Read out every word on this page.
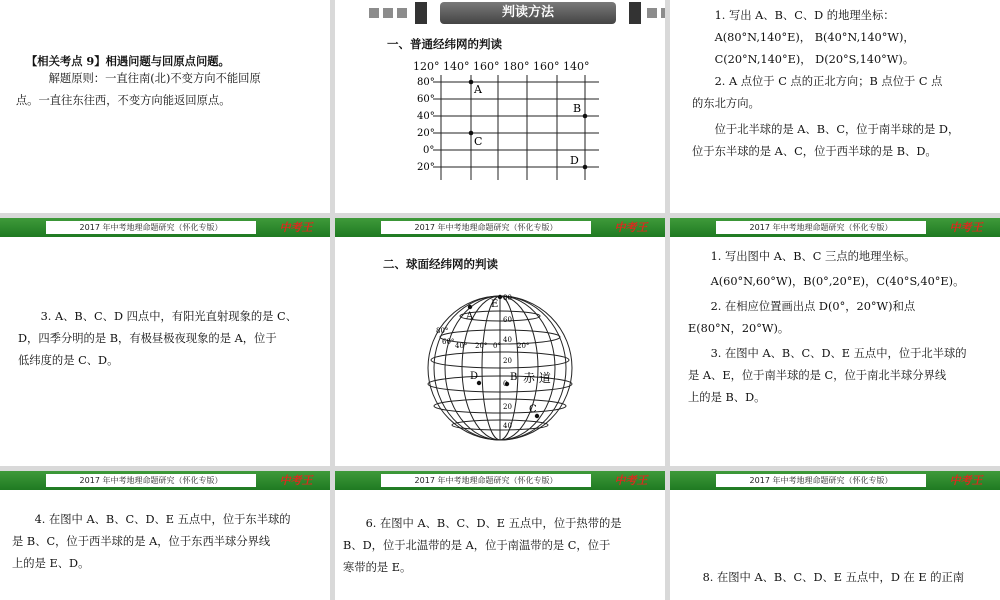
【相关考点 9】相遇问题与回原点问题。

解题原则：一直往南(北)不变方向不能回原

点。一直往东往西，不变方向能返回原点。

判读方法
一、普通经纬网的判读
120° 140° 160° 180° 160° 140°
80°
60°
40°
20°
0°
20°
A
B
C
D

1. 写出 A、B、C、D 的地理坐标：

A(80°N,140°E)， B(40°N,140°W)，

C(20°N,140°E)， D(20°S,140°W)。

2. A 点位于 C 点的正北方向；B 点位于 C 点

的东北方向。

位于北半球的是 A、B、C，位于南半球的是 D，

位于东半球的是 A、C，位于西半球的是 B、D。

2017 年中考地理命题研究（怀化专版）	中考王

3. A、B、C、D 四点中，有阳光直射现象的是 C、

D，四季分明的是 B，有极昼极夜现象的是 A，位于

低纬度的是 C、D。

2017 年中考地理命题研究（怀化专版）	中考王
二、球面经纬网的判读
A
E
D	B
C
赤 道
80
60
40
20
0
20
40
80°
60° 40° 20° 0° 20°
2017 年中考地理命题研究（怀化专版）	中考王

1. 写出图中 A、B、C 三点的地理坐标。

A(60°N,60°W)，B(0°,20°E)，C(40°S,40°E)。

2. 在相应位置画出点 D(0°，20°W)和点

E(80°N，20°W)。

3. 在图中 A、B、C、D、E 五点中，位于北半球的

是 A、E，位于南半球的是 C，位于南北半球分界线

上的是 B、D。

2017 年中考地理命题研究（怀化专版）	中考王

4. 在图中 A、B、C、D、E 五点中，位于东半球的

是 B、C，位于西半球的是 A，位于东西半球分界线

上的是 E、D。

2017 年中考地理命题研究（怀化专版）	中考王

6. 在图中 A、B、C、D、E 五点中，位于热带的是

B、D，位于北温带的是 A，位于南温带的是 C，位于

寒带的是 E。

2017 年中考地理命题研究（怀化专版）	中考王

8. 在图中 A、B、C、D、E 五点中，D 在 E 的正南
